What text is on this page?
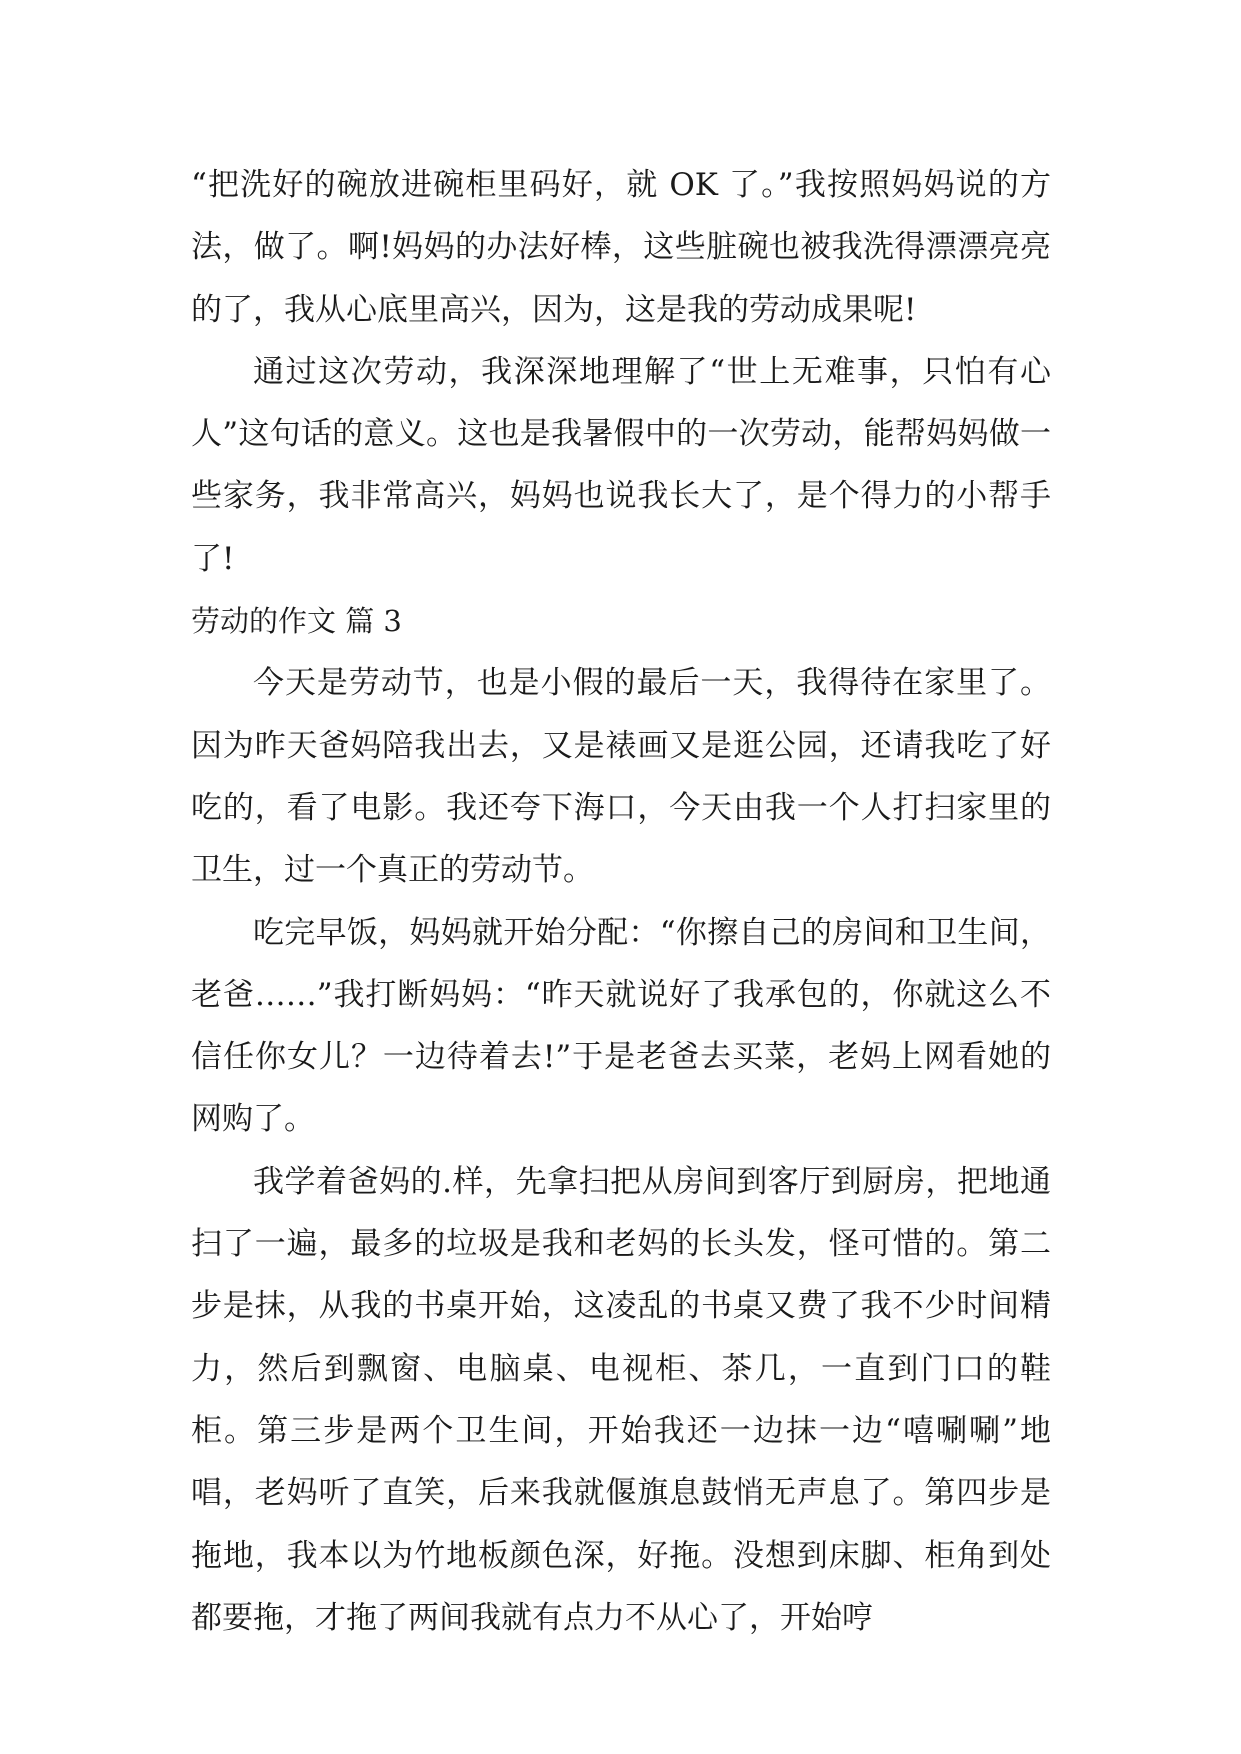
“把洗好的碗放进碗柜里码好，就 OK 了。”我按照妈妈说的方法，做了。啊!妈妈的办法好棒，这些脏碗也被我洗得漂漂亮亮的了，我从心底里高兴，因为，这是我的劳动成果呢!

通过这次劳动，我深深地理解了“世上无难事，只怕有心人”这句话的意义。这也是我暑假中的一次劳动，能帮妈妈做一些家务，我非常高兴，妈妈也说我长大了，是个得力的小帮手了!

劳动的作文 篇 3

今天是劳动节，也是小假的最后一天，我得待在家里了。因为昨天爸妈陪我出去，又是裱画又是逛公园，还请我吃了好吃的，看了电影。我还夸下海口，今天由我一个人打扫家里的卫生，过一个真正的劳动节。

吃完早饭，妈妈就开始分配：“你擦自己的房间和卫生间，老爸……”我打断妈妈：“昨天就说好了我承包的，你就这么不信任你女儿？一边待着去!”于是老爸去买菜，老妈上网看她的网购了。

我学着爸妈的.样，先拿扫把从房间到客厅到厨房，把地通扫了一遍，最多的垃圾是我和老妈的长头发，怪可惜的。第二步是抹，从我的书桌开始，这凌乱的书桌又费了我不少时间精力，然后到飘窗、电脑桌、电视柜、茶几，一直到门口的鞋柜。第三步是两个卫生间，开始我还一边抹一边“嘻唰唰”地唱，老妈听了直笑，后来我就偃旗息鼓悄无声息了。第四步是拖地，我本以为竹地板颜色深，好拖。没想到床脚、柜角到处都要拖，才拖了两间我就有点力不从心了，开始哼
